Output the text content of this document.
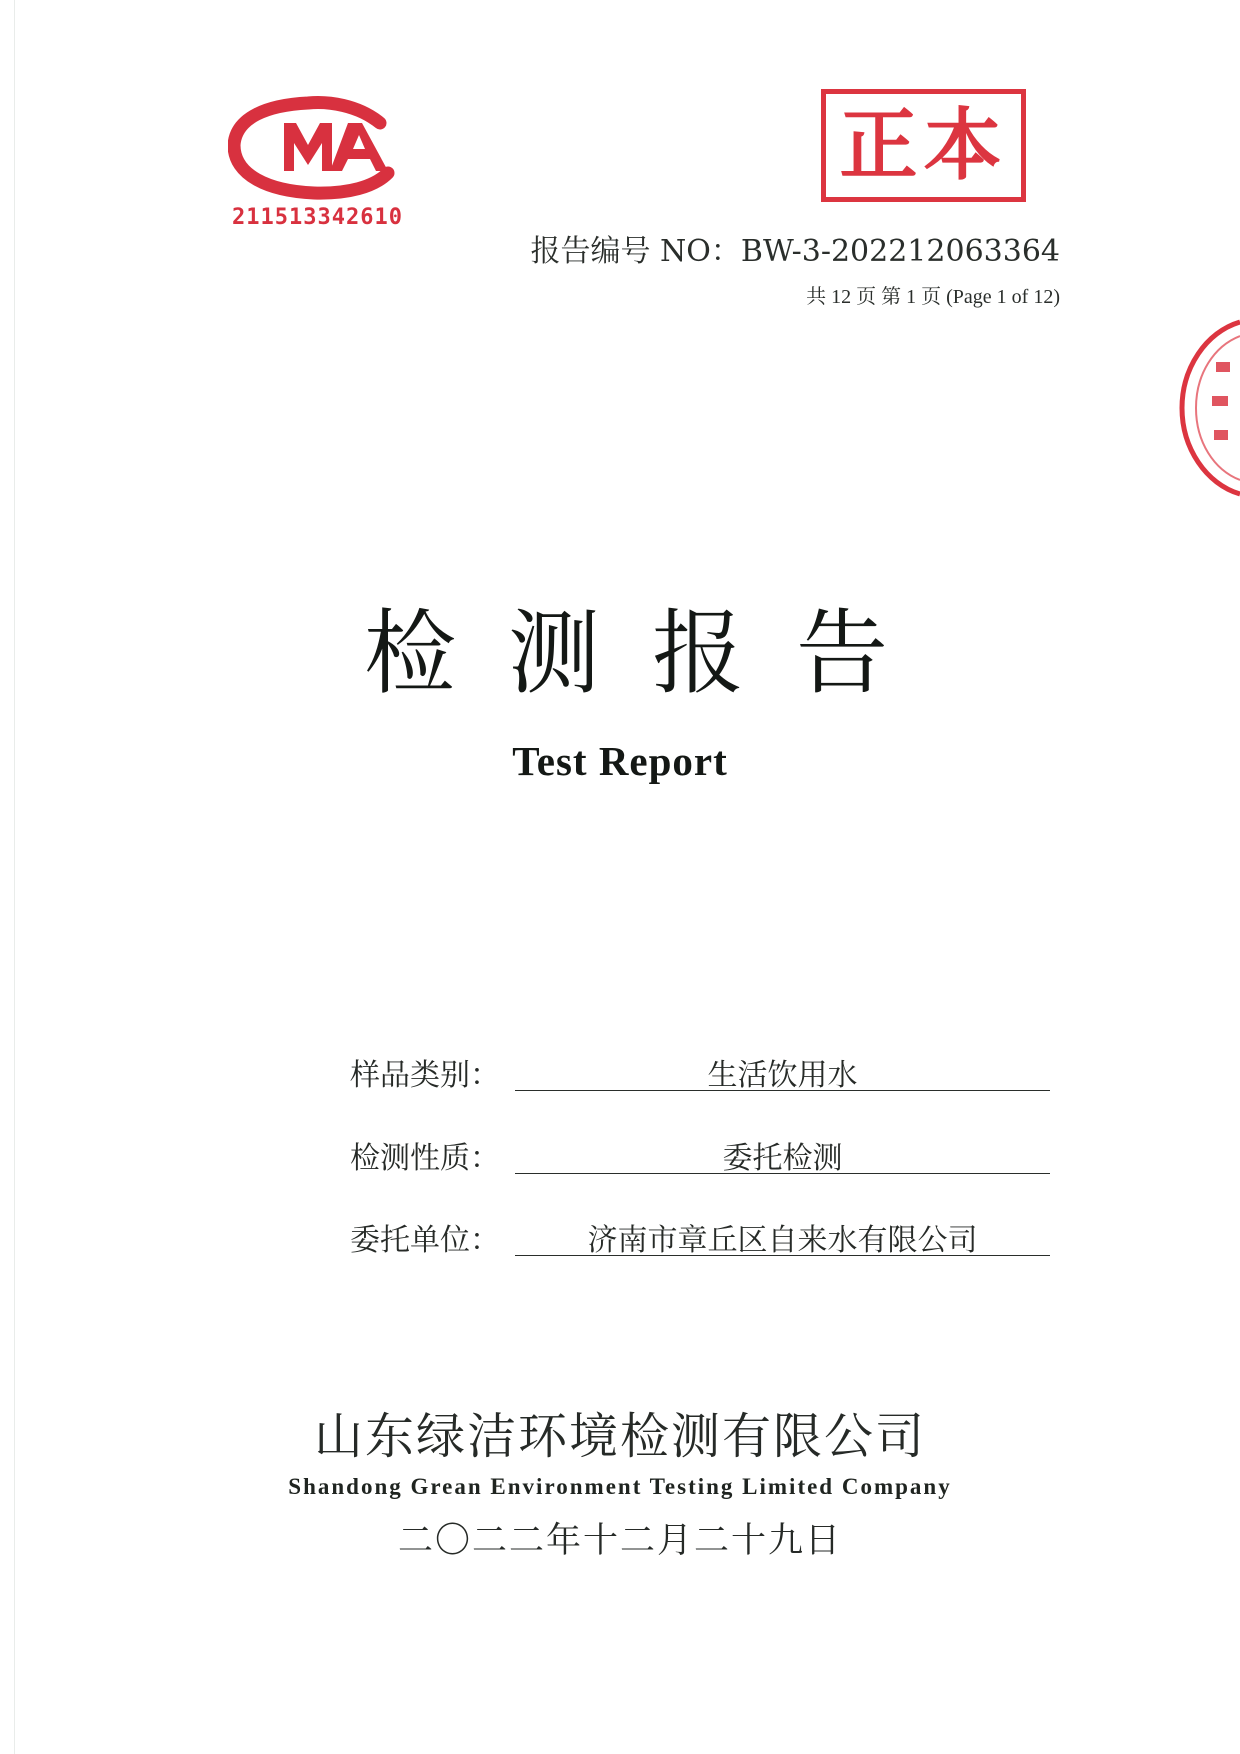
211513342610
正本
报告编号 NO：BW-3-202212063364
共 12 页 第 1 页 (Page 1 of 12)
检测报告
Test Report
样品类别：	生活饮用水
检测性质：	委托检测
委托单位：	济南市章丘区自来水有限公司
山东绿洁环境检测有限公司
Shandong Grean Environment Testing Limited Company
二〇二二年十二月二十九日
